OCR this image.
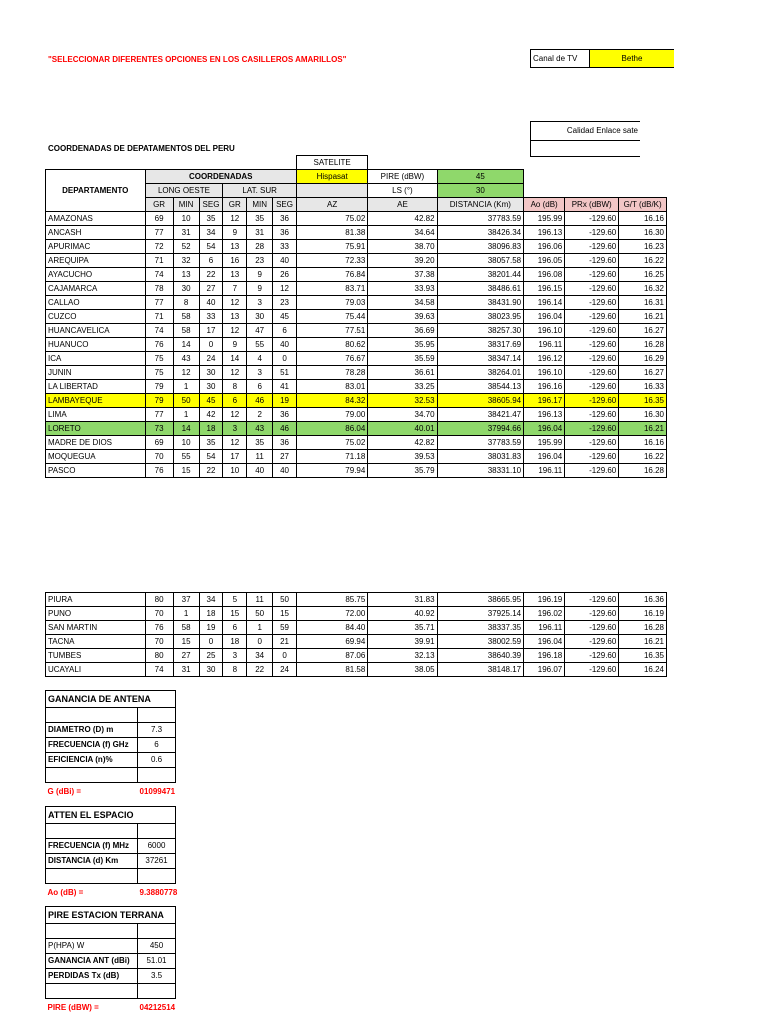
"SELECCIONAR DIFERENTES OPCIONES EN LOS CASILLEROS AMARILLOS"	Canal de TV	Bethe
Calidad Enlace sate

COORDENADAS DE DEPATAMENTOS DEL PERU
							SATELITE					
	COORDENADAS						Hispasat	PIRE (dBW)	45			
DEPARTAMENTO	LONG OESTE			LAT. SUR				LS (°)	30			
	GR	MIN	SEG	GR	MIN	SEG	AZ	AE	DISTANCIA (Km)	Ao (dB)	PRx (dBW)	G/T (dB/K)
AMAZONAS	69	10	35	12	35	36	75.02	42.82	37783.59	195.99	-129.60	16.16
ANCASH	77	31	34	9	31	36	81.38	34.64	38426.34	196.13	-129.60	16.30
APURIMAC	72	52	54	13	28	33	75.91	38.70	38096.83	196.06	-129.60	16.23
AREQUIPA	71	32	6	16	23	40	72.33	39.20	38057.58	196.05	-129.60	16.22
AYACUCHO	74	13	22	13	9	26	76.84	37.38	38201.44	196.08	-129.60	16.25
CAJAMARCA	78	30	27	7	9	12	83.71	33.93	38486.61	196.15	-129.60	16.32
CALLAO	77	8	40	12	3	23	79.03	34.58	38431.90	196.14	-129.60	16.31
CUZCO	71	58	33	13	30	45	75.44	39.63	38023.95	196.04	-129.60	16.21
HUANCAVELICA	74	58	17	12	47	6	77.51	36.69	38257.30	196.10	-129.60	16.27
HUANUCO	76	14	0	9	55	40	80.62	35.95	38317.69	196.11	-129.60	16.28
ICA	75	43	24	14	4	0	76.67	35.59	38347.14	196.12	-129.60	16.29
JUNIN	75	12	30	12	3	51	78.28	36.61	38264.01	196.10	-129.60	16.27
LA LIBERTAD	79	1	30	8	6	41	83.01	33.25	38544.13	196.16	-129.60	16.33
LAMBAYEQUE	79	50	45	6	46	19	84.32	32.53	38605.94	196.17	-129.60	16.35
LIMA	77	1	42	12	2	36	79.00	34.70	38421.47	196.13	-129.60	16.30
LORETO	73	14	18	3	43	46	86.04	40.01	37994.66	196.04	-129.60	16.21
MADRE DE DIOS	69	10	35	12	35	36	75.02	42.82	37783.59	195.99	-129.60	16.16
MOQUEGUA	70	55	54	17	11	27	71.18	39.53	38031.83	196.04	-129.60	16.22
PASCO	76	15	22	10	40	40	79.94	35.79	38331.10	196.11	-129.60	16.28
PIURA	80	37	34	5	11	50	85.75	31.83	38665.95	196.19	-129.60	16.36
PUNO	70	1	18	15	50	15	72.00	40.92	37925.14	196.02	-129.60	16.19
SAN MARTIN	76	58	19	6	1	59	84.40	35.71	38337.35	196.11	-129.60	16.28
TACNA	70	15	0	18	0	21	69.94	39.91	38002.59	196.04	-129.60	16.21
TUMBES	80	27	25	3	34	0	87.06	32.13	38640.39	196.18	-129.60	16.35
UCAYALI	74	31	30	8	22	24	81.58	38.05	38148.17	196.07	-129.60	16.24
GANANCIA DE ANTENA	

DIAMETRO (D) m	7.3
FRECUENCIA (f) GHz	6
EFICIENCIA (n)%	0.6

G (dBi) =	01099471
ATTEN EL ESPACIO	

FRECUENCIA (f) MHz	6000
DISTANCIA (d) Km	37261

Ao (dB) =	9.3880778
PIRE ESTACION TERRANA	

P(HPA) W	450
GANANCIA ANT (dBi)	51.01
PERDIDAS Tx (dB)	3.5

PIRE (dBW) =	04212514
